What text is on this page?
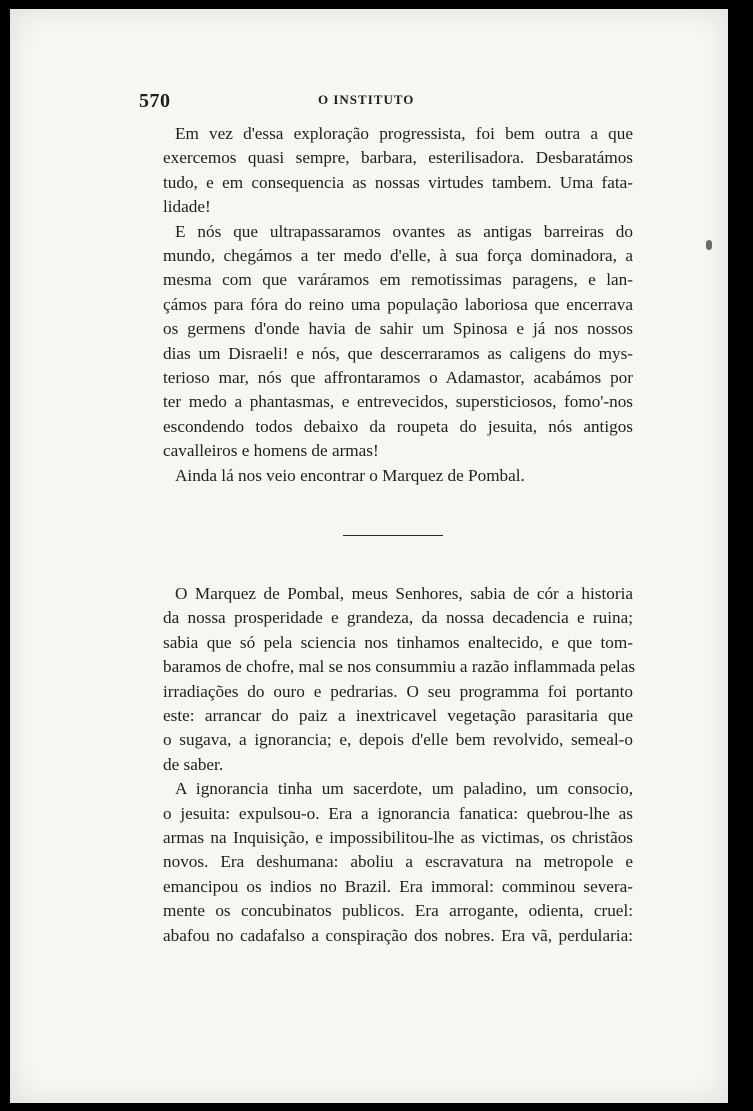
570	O INSTITUTO

Em vez d'essa exploração progressista, foi bem outra a que
exercemos quasi sempre, barbara, esterilisadora. Desbaratámos
tudo, e em consequencia as nossas virtudes tambem. Uma fata-
lidade!

E nós que ultrapassaramos ovantes as antigas barreiras do
mundo, chegámos a ter medo d'elle, à sua força dominadora, a
mesma com que varáramos em remotissimas paragens, e lan-
çámos para fóra do reino uma população laboriosa que encerrava
os germens d'onde havia de sahir um Spinosa e já nos nossos
dias um Disraeli! e nós, que descerraramos as caligens do mys-
terioso mar, nós que affrontaramos o Adamastor, acabámos por
ter medo a phantasmas, e entrevecidos, supersticiosos, fomo'-nos
escondendo todos debaixo da roupeta do jesuita, nós antigos
cavalleiros e homens de armas!

Ainda lá nos veio encontrar o Marquez de Pombal.

O Marquez de Pombal, meus Senhores, sabia de cór a historia
da nossa prosperidade e grandeza, da nossa decadencia e ruina;
sabia que só pela sciencia nos tinhamos enaltecido, e que tom-
baramos de chofre, mal se nos consummiu a razão inflammada pelas
irradiações do ouro e pedrarias. O seu programma foi portanto
este: arrancar do paiz a inextricavel vegetação parasitaria que
o sugava, a ignorancia; e, depois d'elle bem revolvido, semeal-o
de saber.

A ignorancia tinha um sacerdote, um paladino, um consocio,
o jesuita: expulsou-o. Era a ignorancia fanatica: quebrou-lhe as
armas na Inquisição, e impossibilitou-lhe as victimas, os christãos
novos. Era deshumana: aboliu a escravatura na metropole e
emancipou os indios no Brazil. Era immoral: comminou severa-
mente os concubinatos publicos. Era arrogante, odienta, cruel:
abafou no cadafalso a conspiração dos nobres. Era vã, perdularia:
